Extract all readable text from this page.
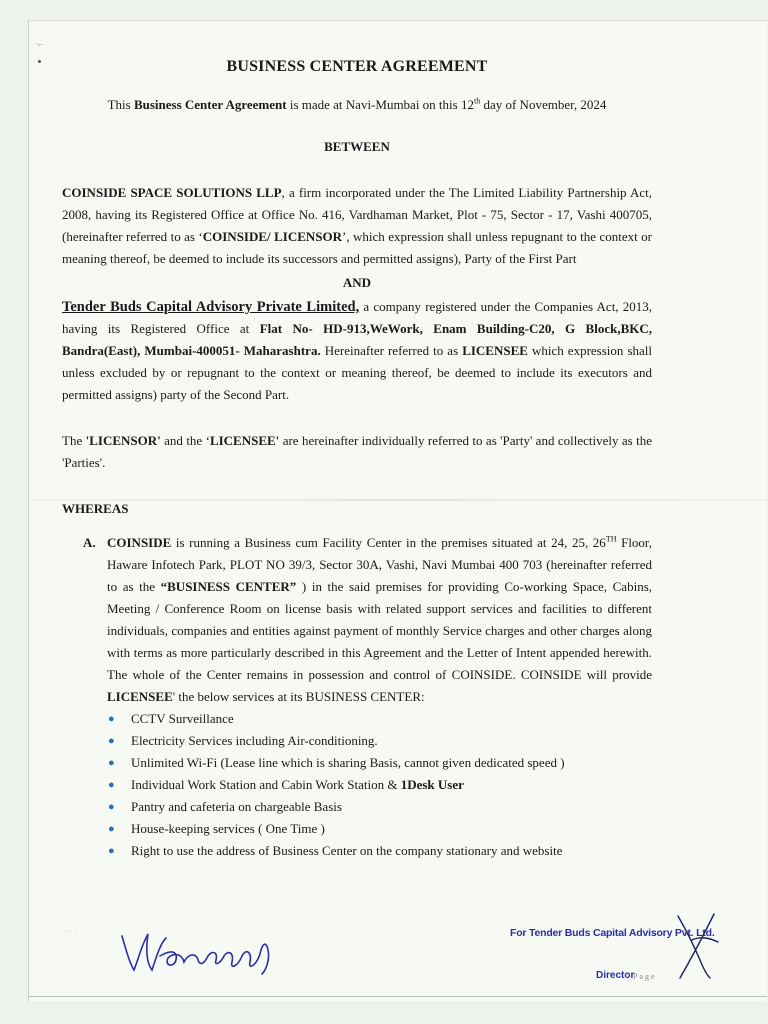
·⌐
BUSINESS CENTER AGREEMENT
This Business Center Agreement is made at Navi-Mumbai on this 12th day of November, 2024
BETWEEN

COINSIDE SPACE SOLUTIONS LLP, a firm incorporated under the The Limited Liability Partnership Act, 2008, having its Registered Office at Office No. 416, Vardhaman Market, Plot - 75, Sector - 17, Vashi 400705, (hereinafter referred to as ‘COINSIDE/ LICENSOR’, which expression shall unless repugnant to the context or meaning thereof, be deemed to include its successors and permitted assigns), Party of the First Part

AND

Tender Buds Capital Advisory Private Limited, a company registered under the Companies Act, 2013, having its Registered Office at Flat No- HD-913,WeWork, Enam Building-C20, G Block,BKC, Bandra(East), Mumbai-400051- Maharashtra. Hereinafter referred to as LICENSEE which expression shall unless excluded by or repugnant to the context or meaning thereof, be deemed to include its executors and permitted assigns) party of the Second Part.

The 'LICENSOR' and the ‘LICENSEE' are hereinafter individually referred to as 'Party' and collectively as the 'Parties'.

WHEREAS
A. COINSIDE is running a Business cum Facility Center in the premises situated at 24, 25, 26TH Floor, Haware Infotech Park, PLOT NO 39/3, Sector 30A, Vashi, Navi Mumbai 400 703 (hereinafter referred to as the “BUSINESS CENTER” ) in the said premises for providing Co-working Space, Cabins, Meeting / Conference Room on license basis with related support services and facilities to different individuals, companies and entities against payment of monthly Service charges and other charges along with terms as more particularly described in this Agreement and the Letter of Intent appended herewith. The whole of the Center remains in possession and control of COINSIDE. COINSIDE will provide LICENSEE' the below services at its BUSINESS CENTER:

● CCTV Surveillance
● Electricity Services including Air-conditioning.
● Unlimited Wi-Fi (Lease line which is sharing Basis, cannot given dedicated speed )
● Individual Work Station and Cabin Work Station & 1Desk User
● Pantry and cafeteria on chargeable Basis
● House-keeping services ( One Time )
● Right to use the address of Business Center on the company stationary and website
·· · ·	For Tender Buds Capital Advisory Pvt. Ltd.
Director
Page
